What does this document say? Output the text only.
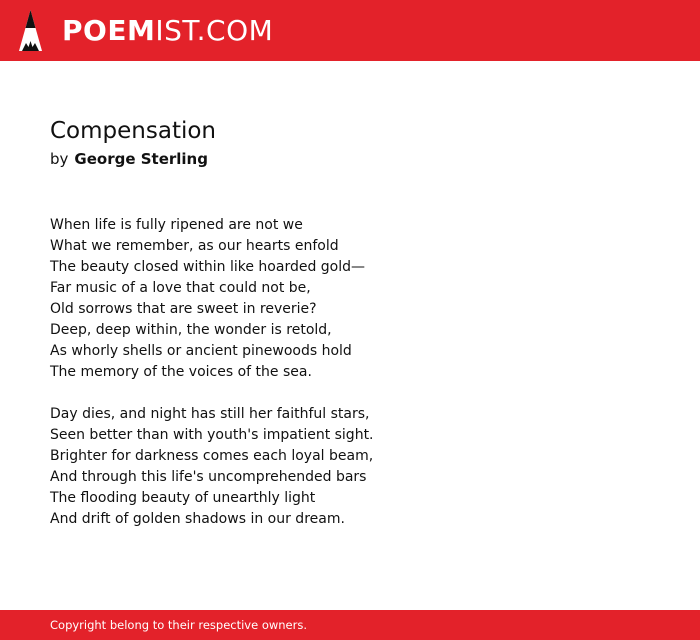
POEMIST.COM
Compensation
by George Sterling
When life is fully ripened are not we
What we remember, as our hearts enfold
The beauty closed within like hoarded gold—
Far music of a love that could not be,
Old sorrows that are sweet in reverie?
Deep, deep within, the wonder is retold,
As whorly shells or ancient pinewoods hold
The memory of the voices of the sea.
Day dies, and night has still her faithful stars,
Seen better than with youth's impatient sight.
Brighter for darkness comes each loyal beam,
And through this life's uncomprehended bars
The flooding beauty of unearthly light
And drift of golden shadows in our dream.
Copyright belong to their respective owners.
